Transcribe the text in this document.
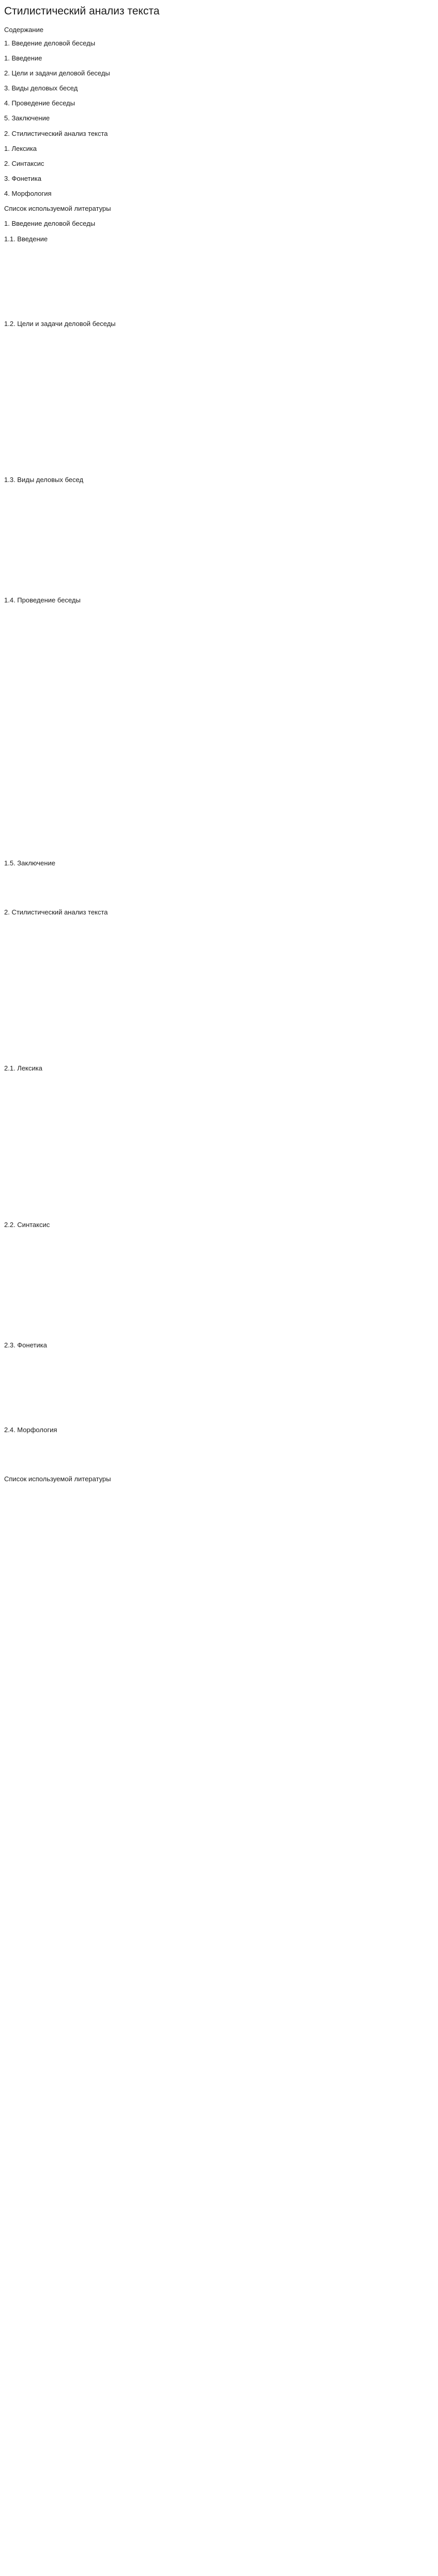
Стилистический анализ текста
Содержание
1. Введение деловой беседы
1. Введение
2. Цели и задачи деловой беседы
3. Виды деловых бесед
4. Проведение беседы
5. Заключение
2. Стилистический анализ текста
1. Лексика
2. Синтаксис
3. Фонетика
4. Морфология
Список используемой литературы
1. Введение деловой беседы
1.1. Введение

1.2. Цели и задачи деловой беседы

1.3. Виды деловых бесед

1.4. Проведение беседы

1.5. Заключение

2. Стилистический анализ текста

2.1. Лексика

2.2. Синтаксис

2.3. Фонетика

2.4. Морфология

Список используемой литературы
